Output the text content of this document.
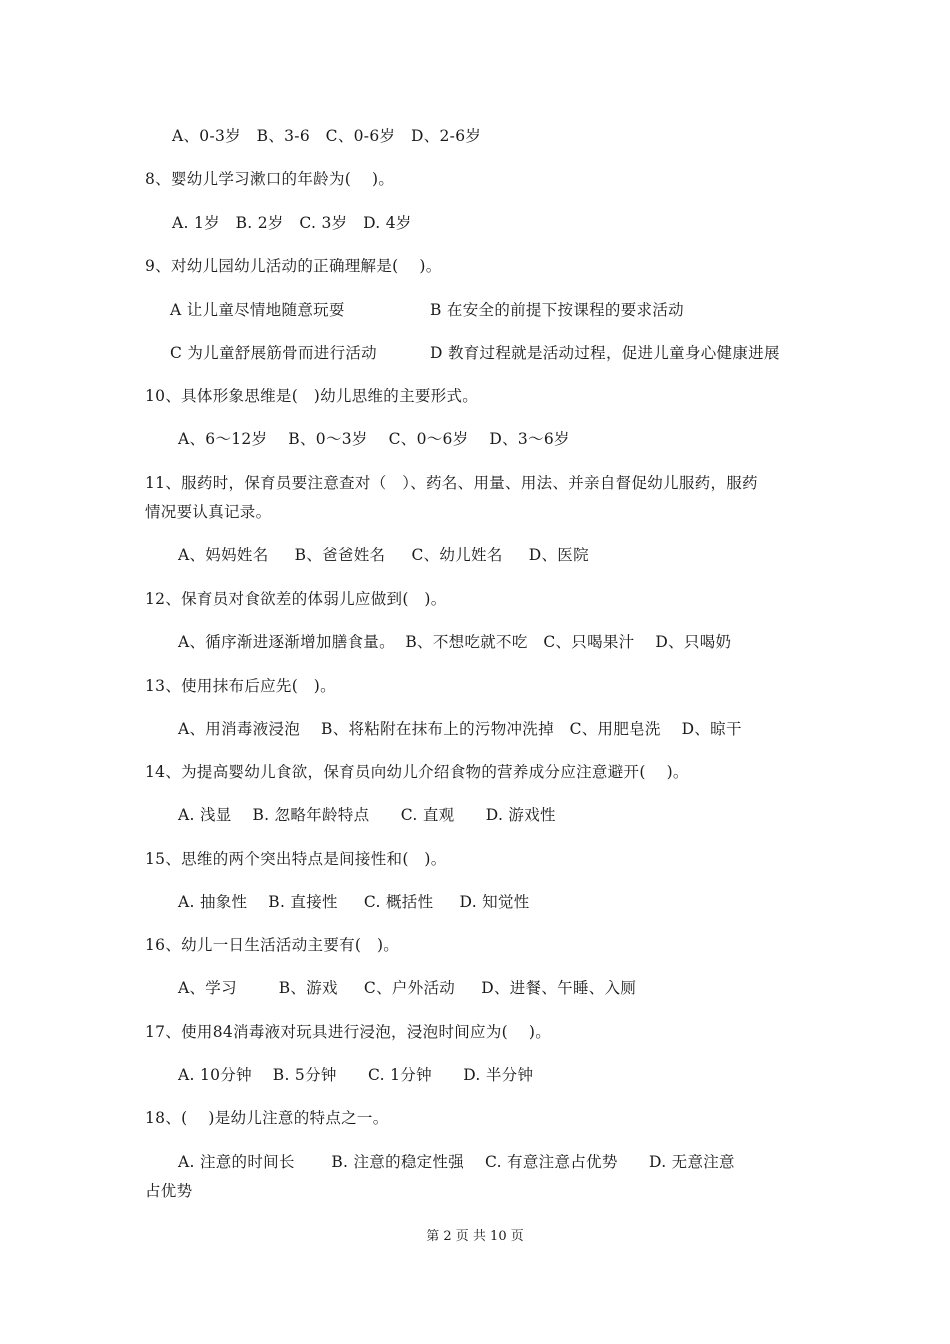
A、0-3岁   B、3-6   C、0-6岁   D、2-6岁
8、婴幼儿学习漱口的年龄为(    )。
A. 1岁   B. 2岁   C. 3岁   D. 4岁
9、对幼儿园幼儿活动的正确理解是(    )。
A 让儿童尽情地随意玩耍	B 在安全的前提下按课程的要求活动
C 为儿童舒展筋骨而进行活动	D 教育过程就是活动过程，促进儿童身心健康进展
10、具体形象思维是(   )幼儿思维的主要形式。
A、6～12岁    B、0～3岁    C、0～6岁    D、3～6岁
11、服药时，保育员要注意查对（   ）、药名、用量、用法、并亲自督促幼儿服药，服药
情况要认真记录。
A、妈妈姓名     B、爸爸姓名     C、幼儿姓名     D、医院
12、保育员对食欲差的体弱儿应做到(   )。
A、循序渐进逐渐增加膳食量。  B、不想吃就不吃   C、只喝果汁    D、只喝奶
13、使用抹布后应先(   )。
A、用消毒液浸泡    B、将粘附在抹布上的污物冲洗掉   C、用肥皂洗    D、晾干
14、为提高婴幼儿食欲，保育员向幼儿介绍食物的营养成分应注意避开(    )。
A. 浅显    B. 忽略年龄特点      C. 直观      D. 游戏性
15、思维的两个突出特点是间接性和(   )。
A. 抽象性    B. 直接性     C. 概括性     D. 知觉性
16、幼儿一日生活活动主要有(   )。
A、学习        B、游戏     C、户外活动     D、进餐、午睡、入厕
17、使用84消毒液对玩具进行浸泡，浸泡时间应为(    )。
A. 10分钟    B. 5分钟      C. 1分钟      D. 半分钟
18、(    )是幼儿注意的特点之一。
A. 注意的时间长       B. 注意的稳定性强    C. 有意注意占优势      D. 无意注意
占优势
第 2 页 共 10 页
